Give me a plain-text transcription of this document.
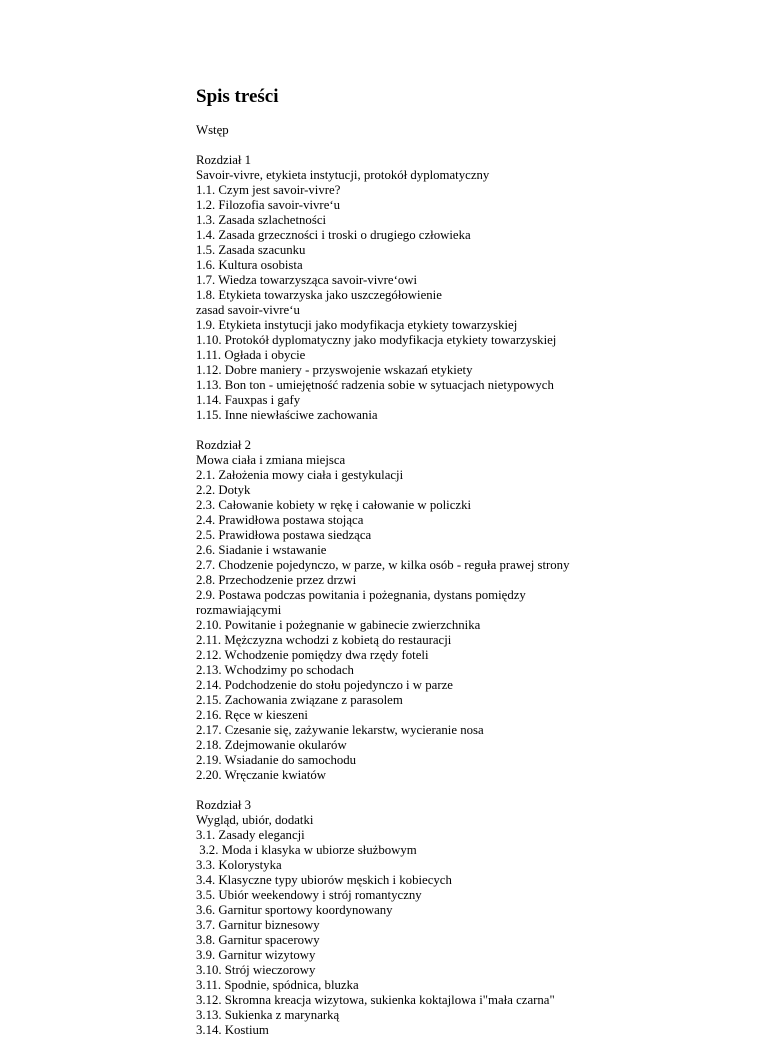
Spis treści
Wstęp
Rozdział 1
Savoir-vivre, etykieta instytucji, protokół dyplomatyczny
1.1. Czym jest savoir-vivre?
1.2. Filozofia savoir-vivre‘u
1.3. Zasada szlachetności
1.4. Zasada grzeczności i troski o drugiego człowieka
1.5. Zasada szacunku
1.6. Kultura osobista
1.7. Wiedza towarzysząca savoir-vivre‘owi
1.8. Etykieta towarzyska jako uszczegółowienie
zasad savoir-vivre‘u
1.9. Etykieta instytucji jako modyfikacja etykiety towarzyskiej
1.10. Protokół dyplomatyczny jako modyfikacja etykiety towarzyskiej
1.11. Ogłada i obycie
1.12. Dobre maniery - przyswojenie wskazań etykiety
1.13. Bon ton - umiejętność radzenia sobie w sytuacjach nietypowych
1.14. Fauxpas i gafy
1.15. Inne niewłaściwe zachowania
Rozdział 2
Mowa ciała i zmiana miejsca
2.1. Założenia mowy ciała i gestykulacji
2.2. Dotyk
2.3. Całowanie kobiety w rękę i całowanie w policzki
2.4. Prawidłowa postawa stojąca
2.5. Prawidłowa postawa siedząca
2.6. Siadanie i wstawanie
2.7. Chodzenie pojedynczo, w parze, w kilka osób - reguła prawej strony
2.8. Przechodzenie przez drzwi
2.9. Postawa podczas powitania i pożegnania, dystans pomiędzy
rozmawiającymi
2.10. Powitanie i pożegnanie w gabinecie zwierzchnika
2.11. Mężczyzna wchodzi z kobietą do restauracji
2.12. Wchodzenie pomiędzy dwa rzędy foteli
2.13. Wchodzimy po schodach
2.14. Podchodzenie do stołu pojedynczo i w parze
2.15. Zachowania związane z parasolem
2.16. Ręce w kieszeni
2.17. Czesanie się, zażywanie lekarstw, wycieranie nosa
2.18. Zdejmowanie okularów
2.19. Wsiadanie do samochodu
2.20. Wręczanie kwiatów
Rozdział 3
Wygląd, ubiór, dodatki
3.1. Zasady elegancji
3.2. Moda i klasyka w ubiorze służbowym
3.3. Kolorystyka
3.4. Klasyczne typy ubiorów męskich i kobiecych
3.5. Ubiór weekendowy i strój romantyczny
3.6. Garnitur sportowy koordynowany
3.7. Garnitur biznesowy
3.8. Garnitur spacerowy
3.9. Garnitur wizytowy
3.10. Strój wieczorowy
3.11. Spodnie, spódnica, bluzka
3.12. Skromna kreacja wizytowa, sukienka koktajlowa i"mała czarna"
3.13. Sukienka z marynarką
3.14. Kostium
